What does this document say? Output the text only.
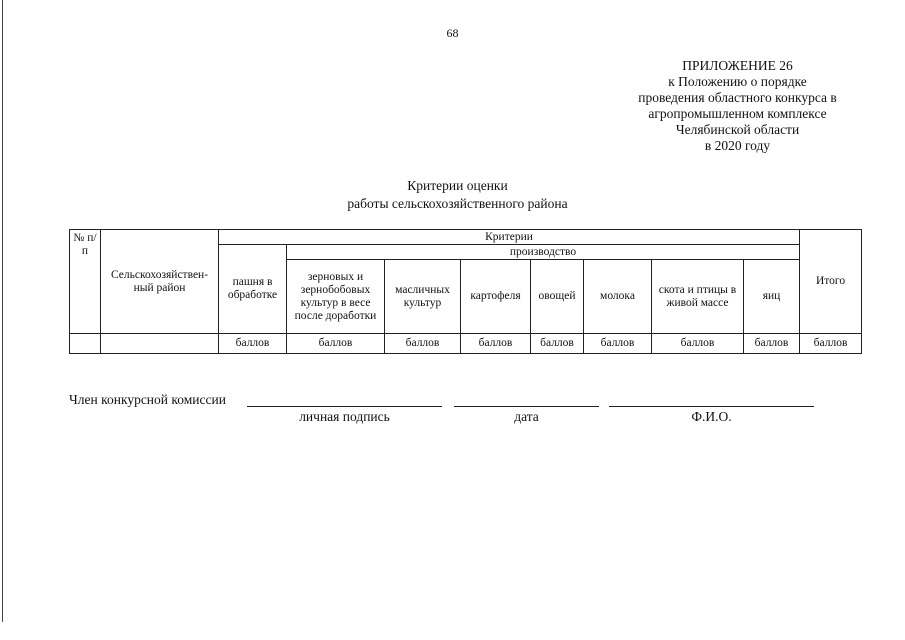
68
ПРИЛОЖЕНИЕ 26
к Положению о порядке
проведения областного конкурса в
агропромышленном комплексе
Челябинской области
в 2020 году
Критерии оценки
работы сельскохозяйственного района
№ п/п	Сельскохозяйствен-ный район	Критерии								Итого
		пашня в обработке	производство							
			зерновых и зернобобовых культур в весе после доработки	масличных культур	картофеля	овощей	молока	скота и птицы в живой массе	яиц	
		баллов	баллов	баллов	баллов	баллов	баллов	баллов	баллов	баллов
Член конкурсной комиссии
личная подпись	дата	Ф.И.О.
